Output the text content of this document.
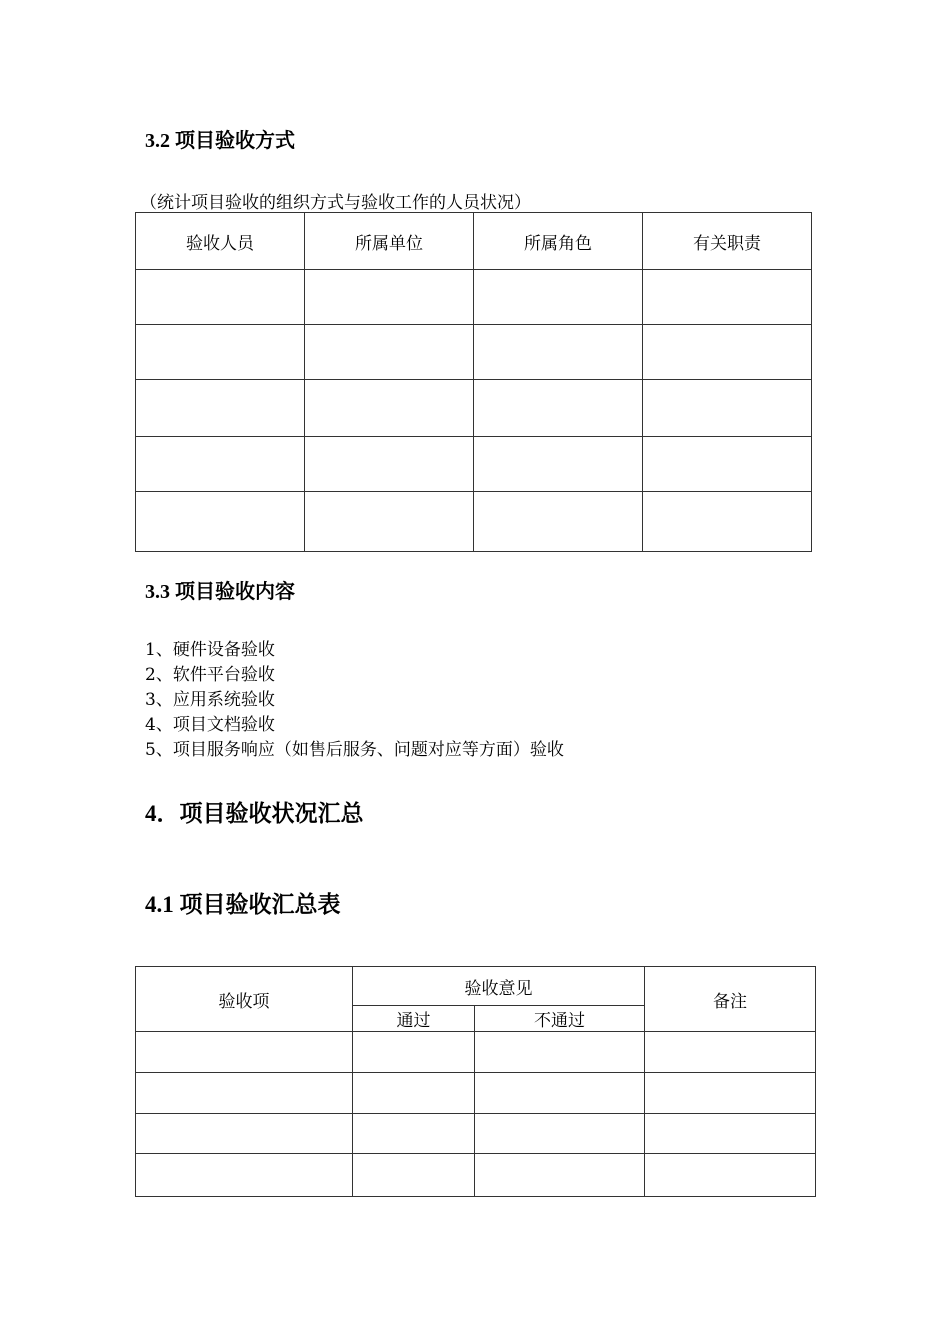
3.2 项目验收方式
（统计项目验收的组织方式与验收工作的人员状况）
验收人员	所属单位	所属角色	有关职责

3.3 项目验收内容
1、硬件设备验收
2、软件平台验收
3、应用系统验收
4、项目文档验收
5、项目服务响应（如售后服务、问题对应等方面）验收
4．项目验收状况汇总
4.1 项目验收汇总表
验收项	验收意见		备注
	通过	不通过	
